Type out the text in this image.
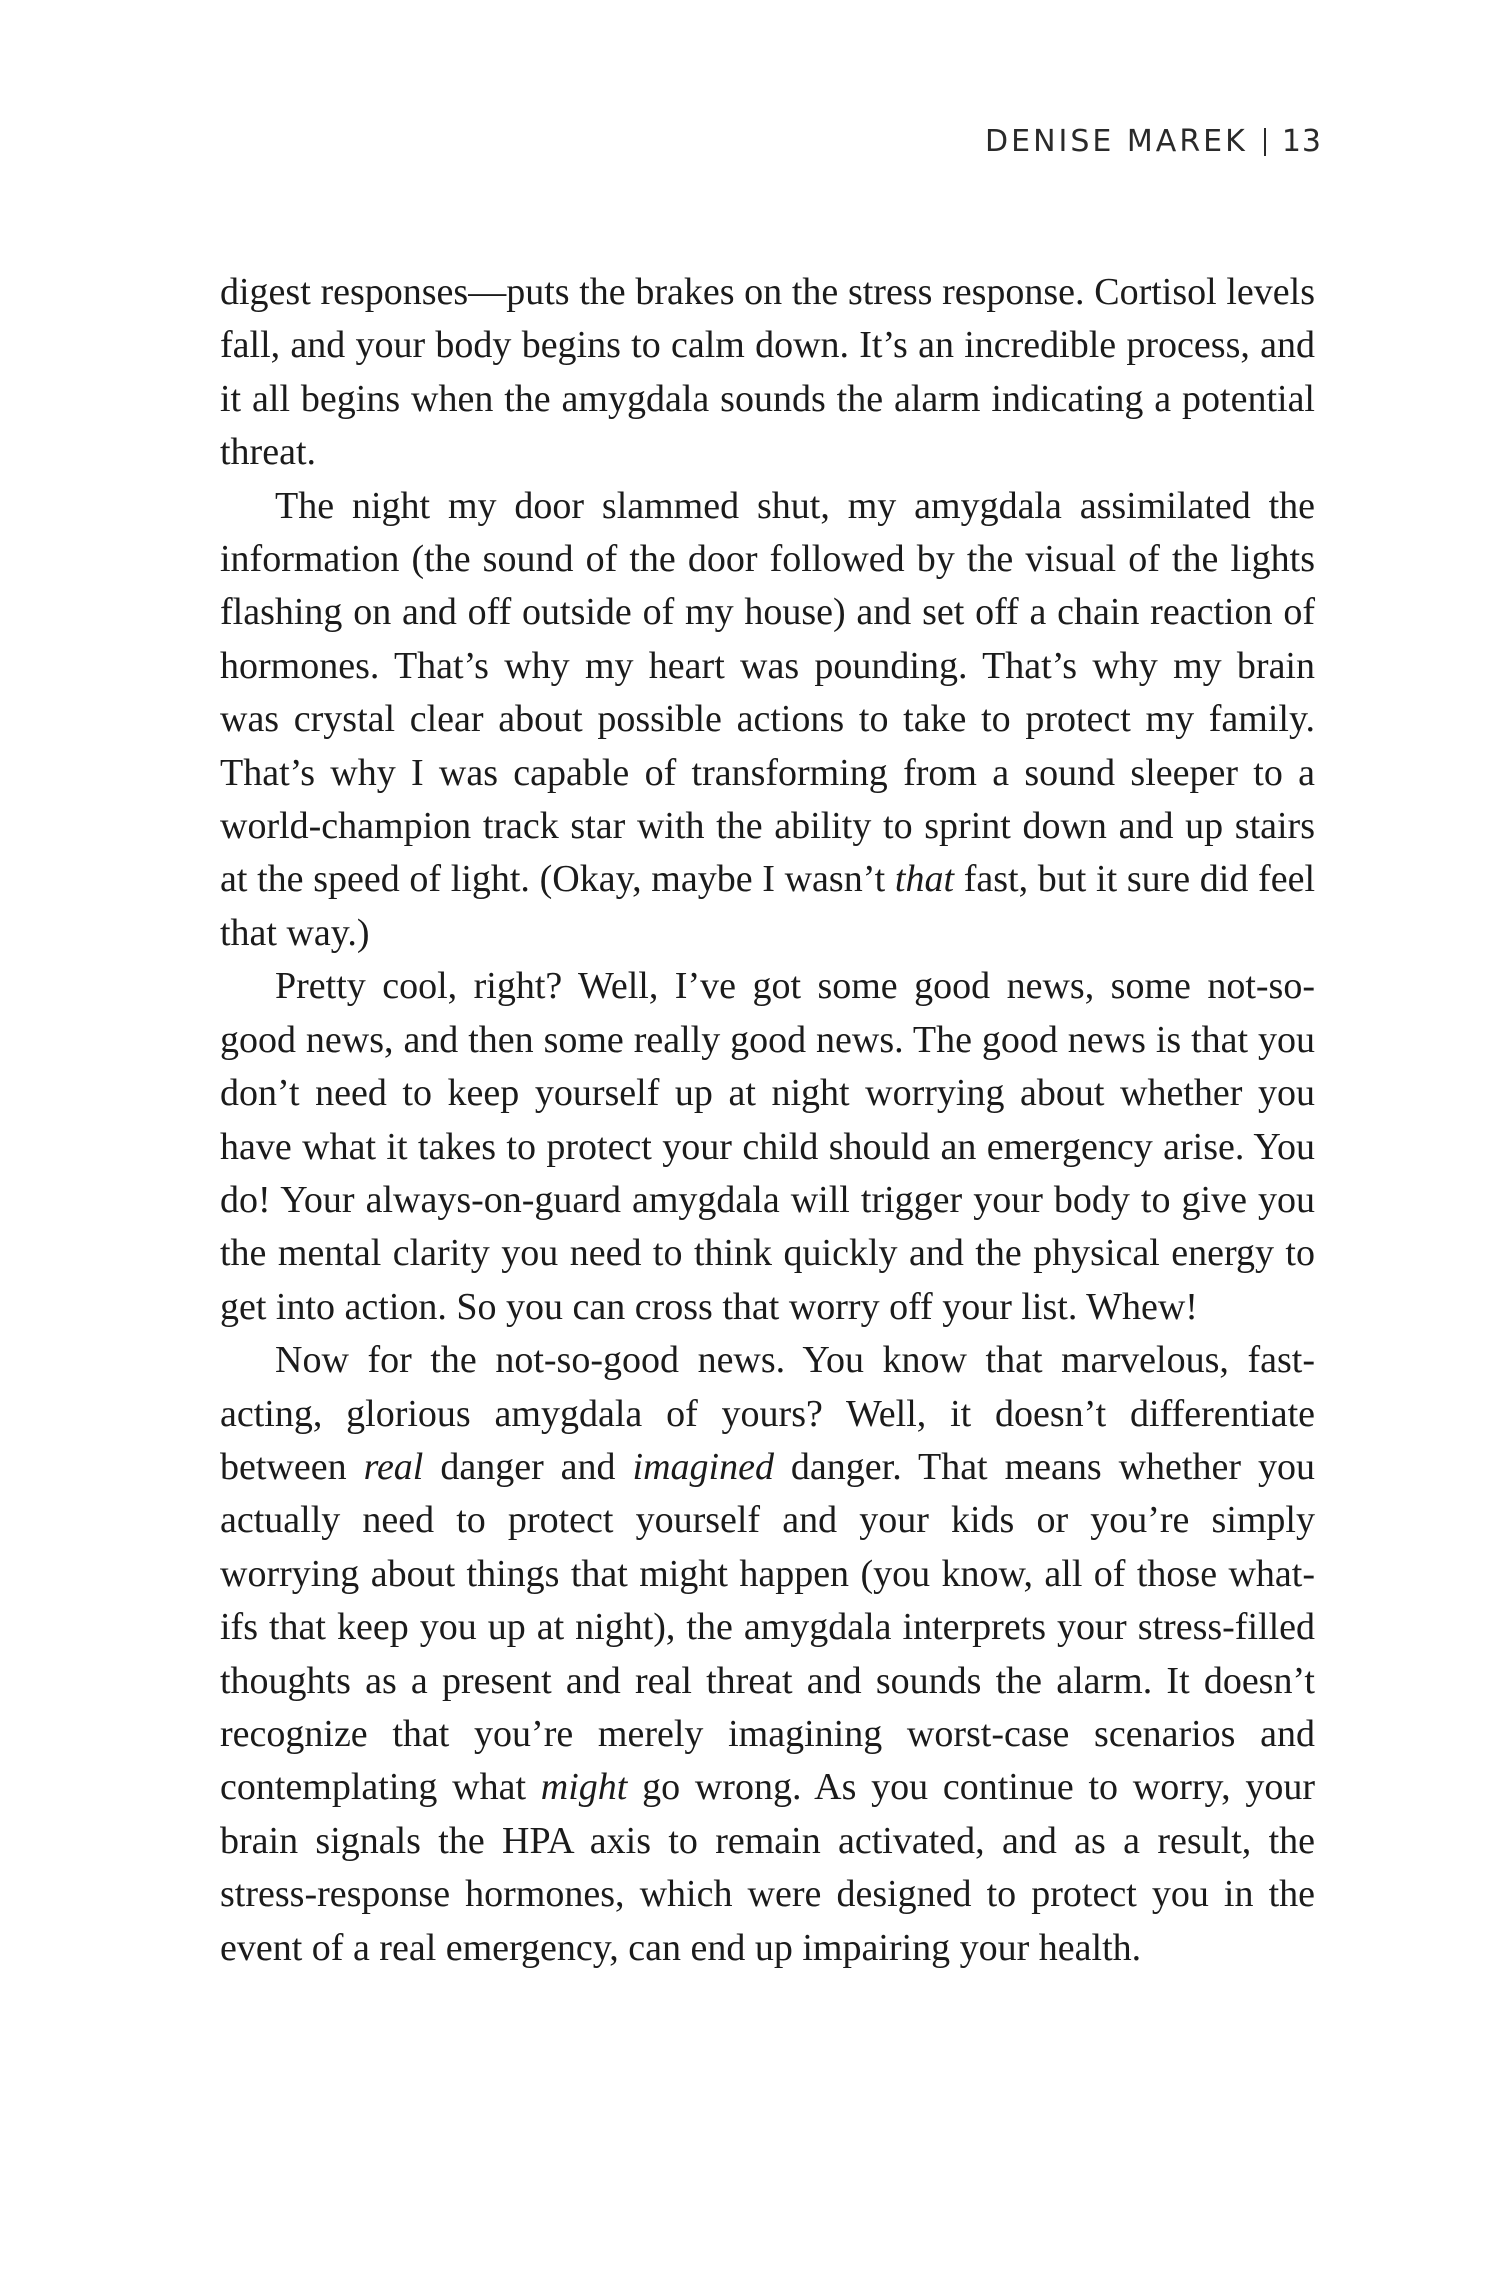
DENISE MAREK 13

digest responses—puts the brakes on the stress response. Cortisol levels fall, and your body begins to calm down. It’s an incredible process, and it all begins when the amygdala sounds the alarm indicating a potential threat.

The night my door slammed shut, my amygdala assimilated the information (the sound of the door followed by the visual of the lights flashing on and off outside of my house) and set off a chain reaction of hormones. That’s why my heart was pounding. That’s why my brain was crystal clear about possible actions to take to protect my family. That’s why I was capable of transforming from a sound sleeper to a world-champion track star with the ability to sprint down and up stairs at the speed of light. (Okay, maybe I wasn’t that fast, but it sure did feel that way.)

Pretty cool, right? Well, I’ve got some good news, some not-so-good news, and then some really good news. The good news is that you don’t need to keep yourself up at night worrying about whether you have what it takes to protect your child should an emergency arise. You do! Your always-on-guard amygdala will trigger your body to give you the mental clarity you need to think quickly and the physical energy to get into action. So you can cross that worry off your list. Whew!

Now for the not-so-good news. You know that marvelous, fast-acting, glorious amygdala of yours? Well, it doesn’t differentiate between real danger and imagined danger. That means whether you actually need to protect yourself and your kids or you’re simply worrying about things that might happen (you know, all of those what-ifs that keep you up at night), the amygdala interprets your stress-filled thoughts as a present and real threat and sounds the alarm. It doesn’t recognize that you’re merely imagining worst-case scenarios and contemplating what might go wrong. As you continue to worry, your brain signals the HPA axis to remain activated, and as a result, the stress-response hormones, which were designed to protect you in the event of a real emergency, can end up impairing your health.
